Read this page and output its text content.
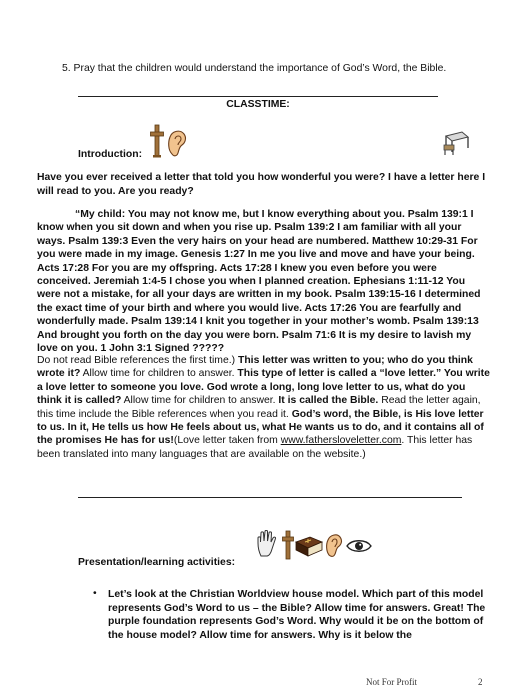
5. Pray that the children would understand the importance of God’s Word, the Bible.

CLASSTIME:

Introduction:

Have you ever received a letter that told you how wonderful you were? I have a letter here I will read to you. Are you ready?

“My child: You may not know me, but I know everything about you. Psalm 139:1 I know when you sit down and when you rise up. Psalm 139:2 I am familiar with all your ways. Psalm 139:3 Even the very hairs on your head are numbered. Matthew 10:29-31 For you were made in my image. Genesis 1:27 In me you live and move and have your being. Acts 17:28 For you are my offspring. Acts 17:28 I knew you even before you were conceived. Jeremiah 1:4-5 I chose you when I planned creation. Ephesians 1:11-12 You were not a mistake, for all your days are written in my book. Psalm 139:15-16 I determined the exact time of your birth and where you would live. Acts 17:26 You are fearfully and wonderfully made. Psalm 139:14 I knit you together in your mother’s womb. Psalm 139:13 And brought you forth on the day you were born. Psalm 71:6 It is my desire to lavish my love on you. 1 John 3:1 Signed ?????

Do not read Bible references the first time.) This letter was written to you; who do you think wrote it? Allow time for children to answer. This type of letter is called a “love letter.” You write a love letter to someone you love. God wrote a long, long love letter to us, what do you think it is called? Allow time for children to answer. It is called the Bible. Read the letter again, this time include the Bible references when you read it. God’s word, the Bible, is His love letter to us. In it, He tells us how He feels about us, what He wants us to do, and it contains all of the promises He has for us!(Love letter taken from www.fathersloveletter.com. This letter has been translated into many languages that are available on the website.)

Presentation/learning activities:

• Let’s look at the Christian Worldview house model. Which part of this model represents God’s Word to us – the Bible? Allow time for answers. Great! The purple foundation represents God’s Word. Why would it be on the bottom of the house model? Allow time for answers. Why is it below the

Not For Profit	2
